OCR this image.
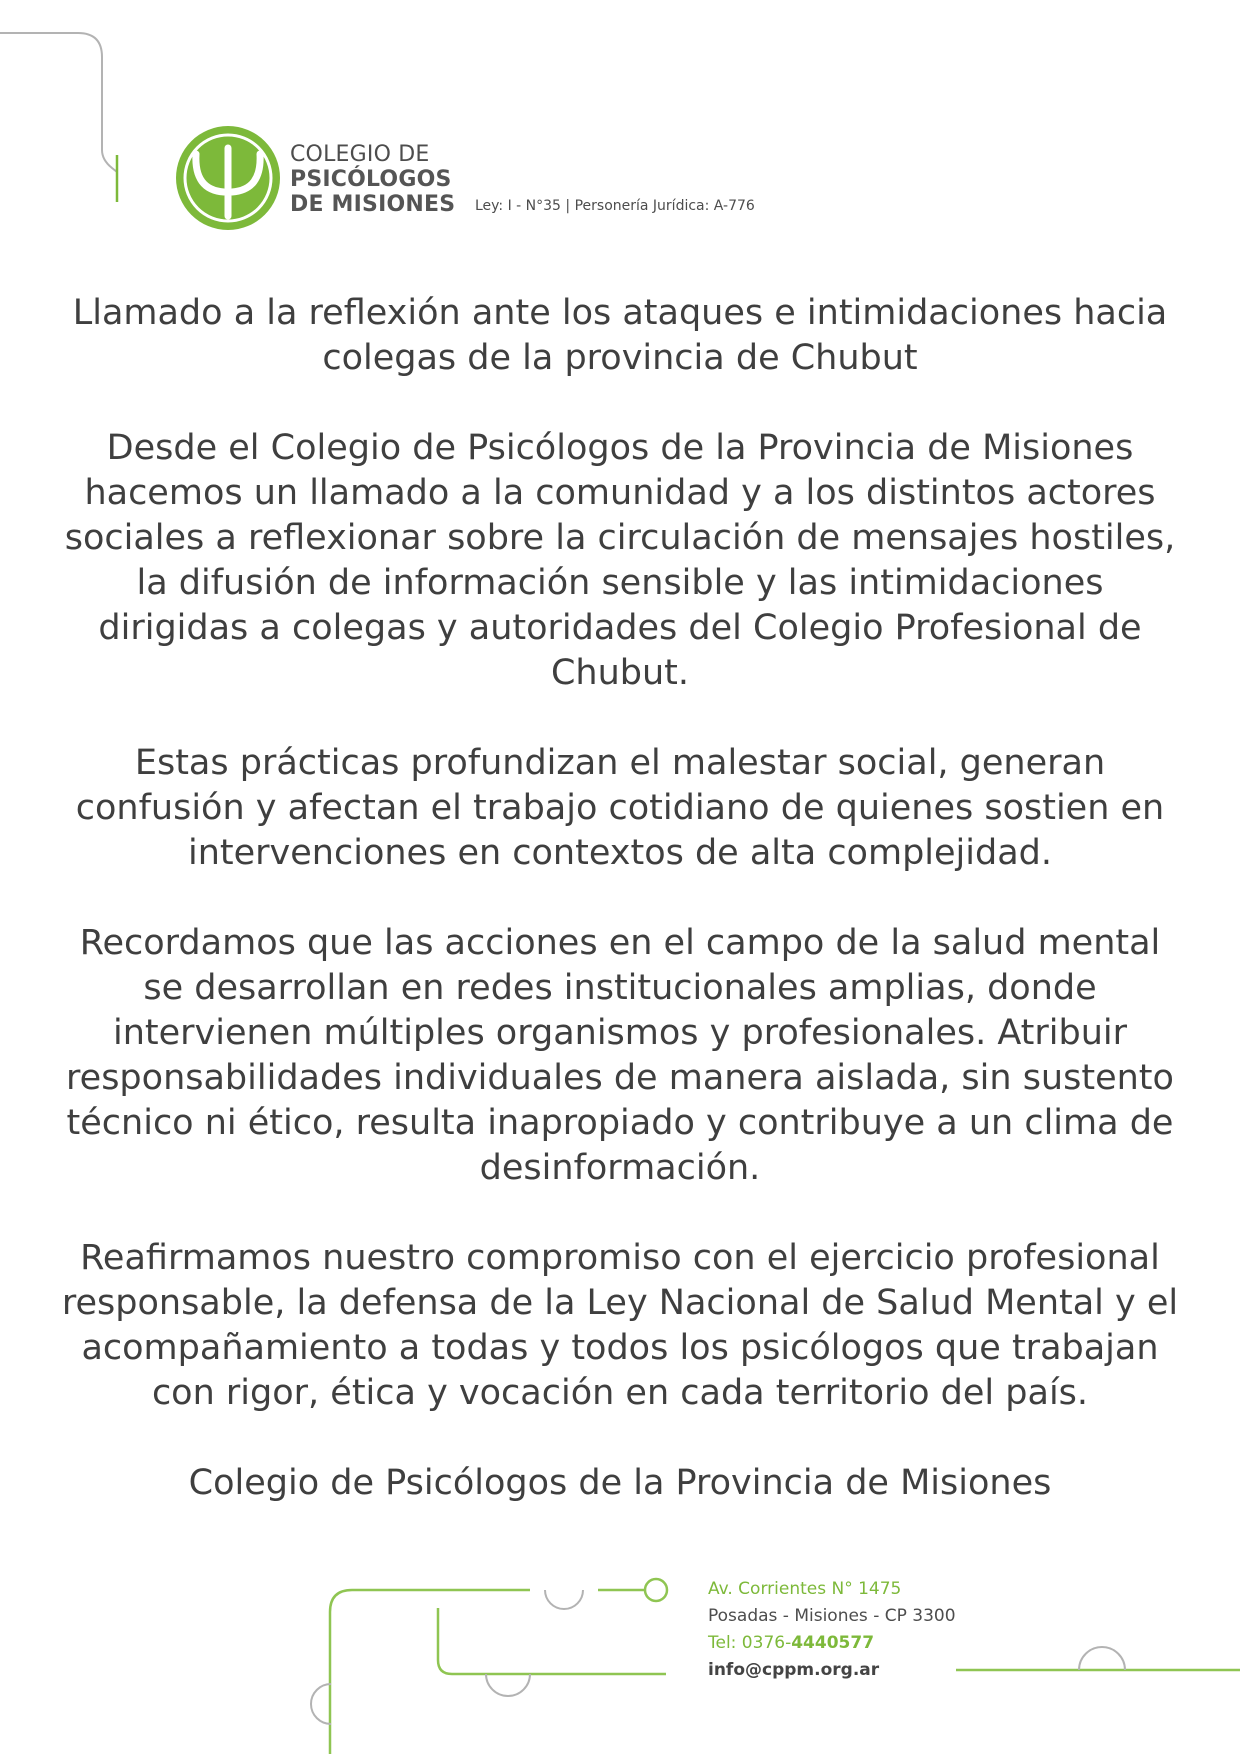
COLEGIO DE
PSICÓLOGOS
DE MISIONES Ley: I - N°35 | Personería Jurídica: A-776

Llamado a la reflexión ante los ataques e intimidaciones hacia colegas de la provincia de Chubut

Desde el Colegio de Psicólogos de la Provincia de Misiones hacemos un llamado a la comunidad y a los distintos actores sociales a reflexionar sobre la circulación de mensajes hostiles, la difusión de información sensible y las intimidaciones dirigidas a colegas y autoridades del Colegio Profesional de Chubut.

Estas prácticas profundizan el malestar social, generan confusión y afectan el trabajo cotidiano de quienes sostien en intervenciones en contextos de alta complejidad.

Recordamos que las acciones en el campo de la salud mental se desarrollan en redes institucionales amplias, donde intervienen múltiples organismos y profesionales. Atribuir responsabilidades individuales de manera aislada, sin sustento técnico ni ético, resulta inapropiado y contribuye a un clima de desinformación.

Reafirmamos nuestro compromiso con el ejercicio profesional responsable, la defensa de la Ley Nacional de Salud Mental y el acompañamiento a todas y todos los psicólogos que trabajan con rigor, ética y vocación en cada territorio del país.

Colegio de Psicólogos de la Provincia de Misiones

Av. Corrientes N° 1475
Posadas - Misiones - CP 3300
Tel: 0376-4440577
info@cppm.org.ar
